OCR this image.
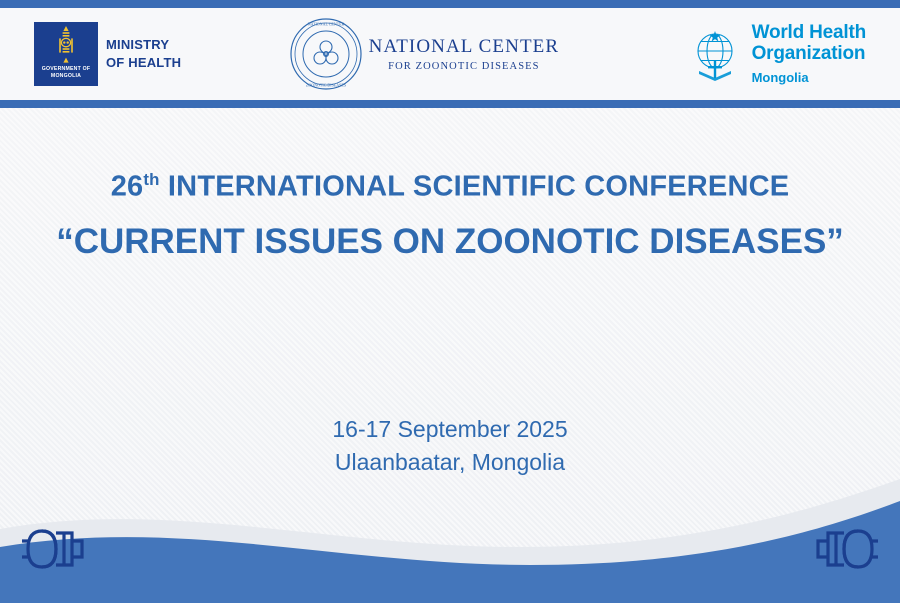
GOVERNMENT OF
MONGOLIA
MINISTRY
OF HEALTH
NATIONAL CENTER
ZOONOTIC DISEASES
NATIONAL CENTER
FOR ZOONOTIC DISEASES
World Health
Organization
Mongolia
26th INTERNATIONAL SCIENTIFIC CONFERENCE
“CURRENT ISSUES ON ZOONOTIC DISEASES”
16-17 September 2025
Ulaanbaatar, Mongolia
